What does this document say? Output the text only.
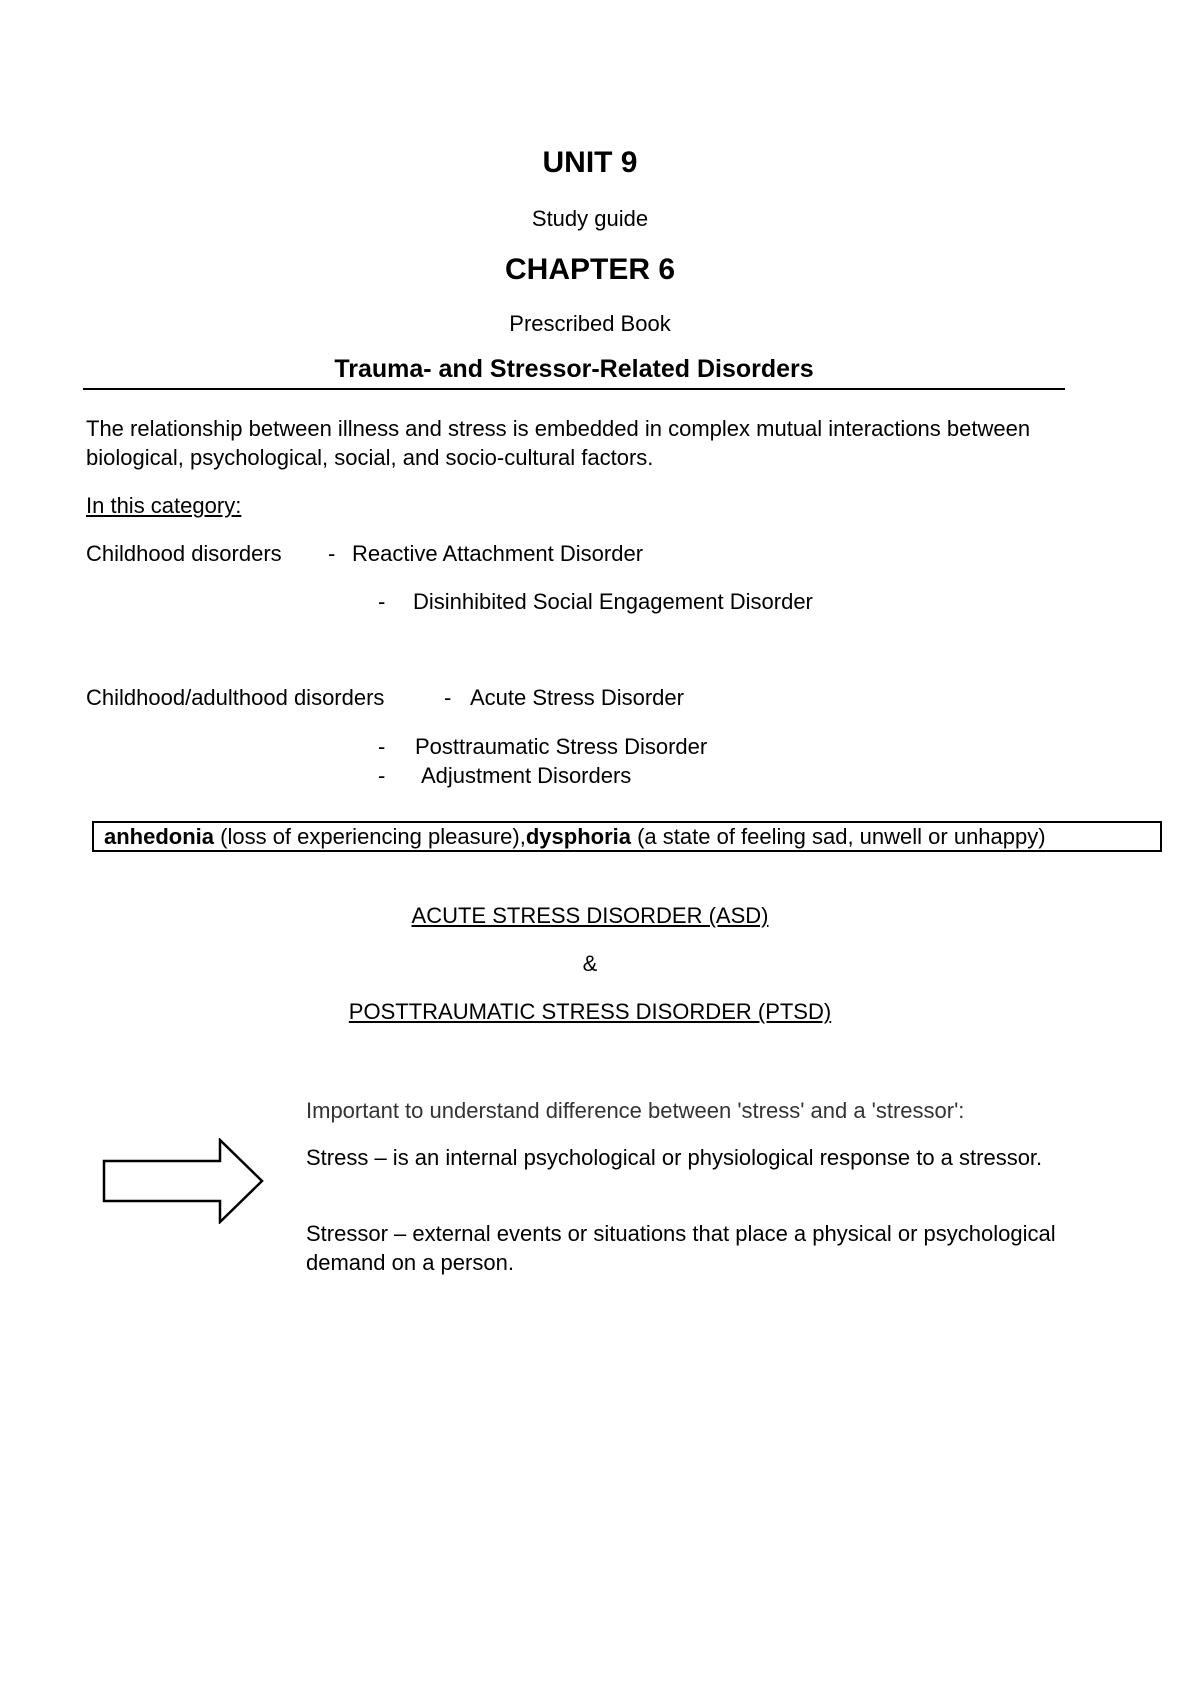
UNIT 9
Study guide
CHAPTER 6
Prescribed Book
Trauma- and Stressor-Related Disorders
The relationship between illness and stress is embedded in complex mutual interactions between biological, psychological, social, and socio-cultural factors.
In this category:
Childhood disorders - Reactive Attachment Disorder
- Disinhibited Social Engagement Disorder
Childhood/adulthood disorders	- Acute Stress Disorder
- Posttraumatic Stress Disorder
- Adjustment Disorders
anhedonia (loss of experiencing pleasure),dysphoria (a state of feeling sad, unwell or unhappy)
ACUTE STRESS DISORDER (ASD)
&
POSTTRAUMATIC STRESS DISORDER (PTSD)
Important to understand difference between 'stress' and a 'stressor':
Stress – is an internal psychological or physiological response to a stressor.
Stressor – external events or situations that place a physical or psychological demand on a person.
